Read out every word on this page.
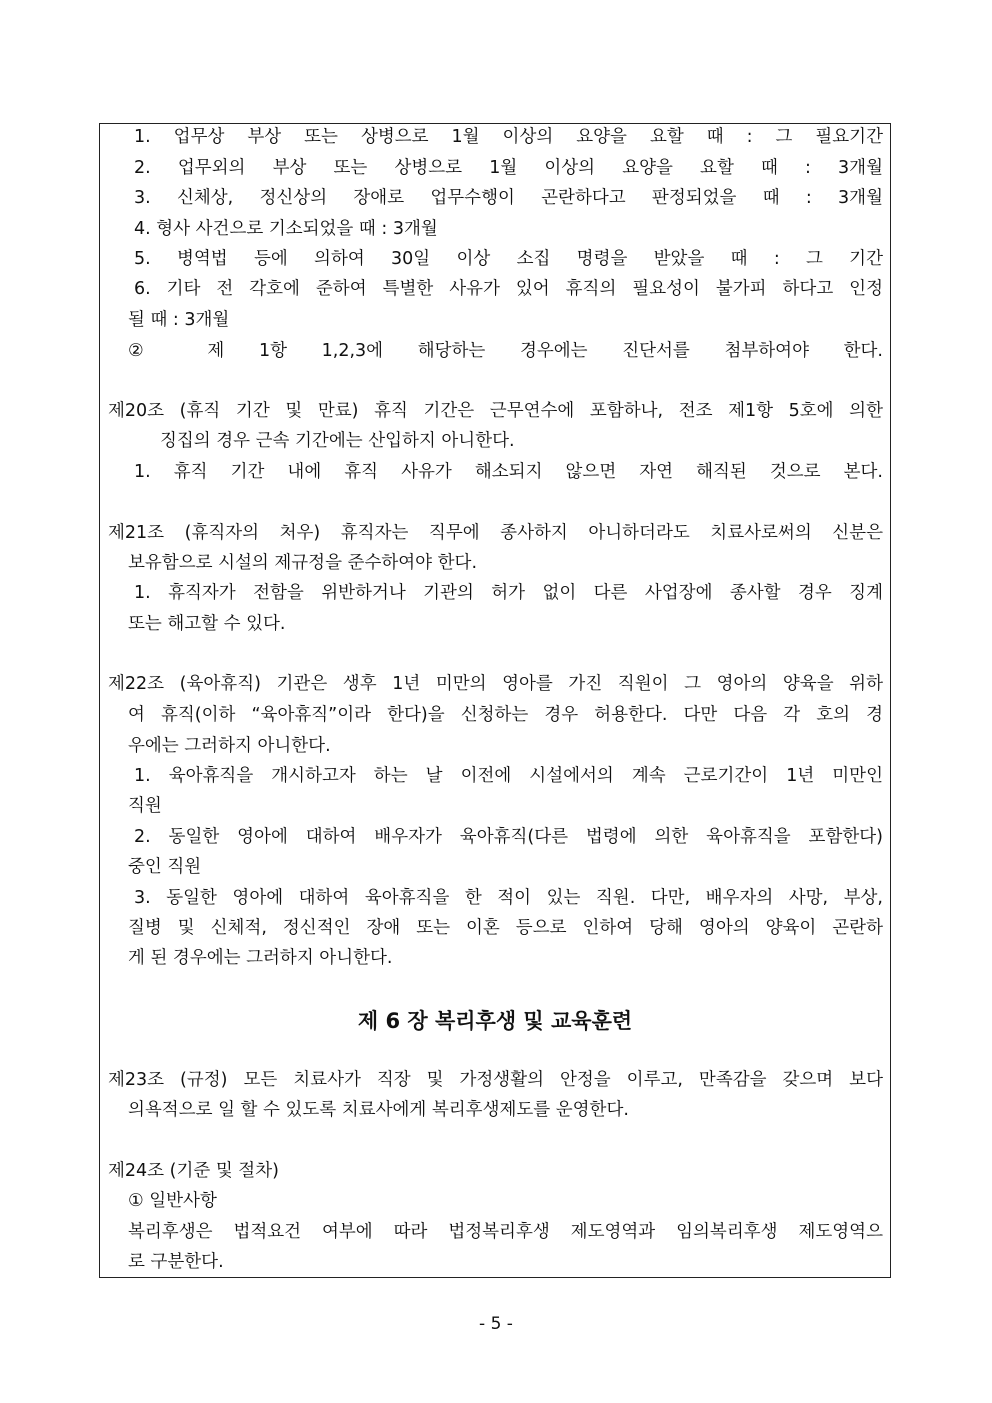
1. 업무상 부상 또는 상병으로 1월 이상의 요양을 요할 때 : 그 필요기간
2. 업무외의 부상 또는 상병으로 1월 이상의 요양을 요할 때 : 3개월
3. 신체상, 정신상의 장애로 업무수행이 곤란하다고 판정되었을 때 : 3개월
4. 형사 사건으로 기소되었을 때 : 3개월
5. 병역법 등에 의하여 30일 이상 소집 명령을 받았을 때 : 그 기간
6. 기타 전 각호에 준하여 특별한 사유가 있어 휴직의 필요성이 불가피 하다고 인정
될 때 : 3개월
② 제 1항 1,2,3에 해당하는 경우에는 진단서를 첨부하여야 한다.
제20조 (휴직 기간 및 만료) 휴직 기간은 근무연수에 포함하나, 전조 제1항 5호에 의한
징집의 경우 근속 기간에는 산입하지 아니한다.
1. 휴직 기간 내에 휴직 사유가 해소되지 않으면 자연 해직된 것으로 본다.
제21조 (휴직자의 처우) 휴직자는 직무에 종사하지 아니하더라도 치료사로써의 신분은
보유함으로 시설의 제규정을 준수하여야 한다.
1. 휴직자가 전함을 위반하거나 기관의 허가 없이 다른 사업장에 종사할 경우 징계
또는 해고할 수 있다.
제22조 (육아휴직) 기관은 생후 1년 미만의 영아를 가진 직원이 그 영아의 양육을 위하
여 휴직(이하 “육아휴직”이라 한다)을 신청하는 경우 허용한다. 다만 다음 각 호의 경
우에는 그러하지 아니한다.
1. 육아휴직을 개시하고자 하는 날 이전에 시설에서의 계속 근로기간이 1년 미만인
직원
2. 동일한 영아에 대하여 배우자가 육아휴직(다른 법령에 의한 육아휴직을 포함한다)
중인 직원
3. 동일한 영아에 대하여 육아휴직을 한 적이 있는 직원. 다만, 배우자의 사망, 부상,
질병 및 신체적, 정신적인 장애 또는 이혼 등으로 인하여 당해 영아의 양육이 곤란하
게 된 경우에는 그러하지 아니한다.
제 6 장 복리후생 및 교육훈련
제23조 (규정) 모든 치료사가 직장 및 가정생활의 안정을 이루고, 만족감을 갖으며 보다
의욕적으로 일 할 수 있도록 치료사에게 복리후생제도를 운영한다.
제24조 (기준 및 절차)
① 일반사항
복리후생은 법적요건 여부에 따라 법정복리후생 제도영역과 임의복리후생 제도영역으
로 구분한다.
- 5 -
